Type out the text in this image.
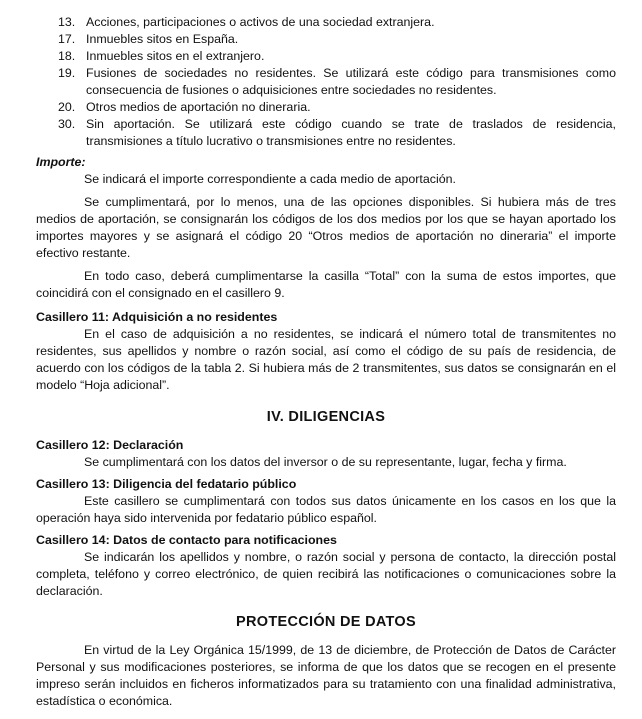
13. Acciones, participaciones o activos de una sociedad extranjera.
17. Inmuebles sitos en España.
18. Inmuebles sitos en el extranjero.
19. Fusiones de sociedades no residentes. Se utilizará este código para transmisiones como consecuencia de fusiones o adquisiciones entre sociedades no residentes.
20. Otros medios de aportación no dineraria.
30. Sin aportación. Se utilizará este código cuando se trate de traslados de residencia, transmisiones a título lucrativo o transmisiones entre no residentes.
Importe:

Se indicará el importe correspondiente a cada medio de aportación.

Se cumplimentará, por lo menos, una de las opciones disponibles. Si hubiera más de tres medios de aportación, se consignarán los códigos de los dos medios por los que se hayan aportado los importes mayores y se asignará el código 20 “Otros medios de aportación no dineraria” el importe efectivo restante.

En todo caso, deberá cumplimentarse la casilla “Total” con la suma de estos importes, que coincidirá con el consignado en el casillero 9.

Casillero 11: Adquisición a no residentes

En el caso de adquisición a no residentes, se indicará el número total de transmitentes no residentes, sus apellidos y nombre o razón social, así como el código de su país de residencia, de acuerdo con los códigos de la tabla 2. Si hubiera más de 2 transmitentes, sus datos se consignarán en el modelo “Hoja adicional”.

IV. DILIGENCIAS
Casillero 12: Declaración

Se cumplimentará con los datos del inversor o de su representante, lugar, fecha y firma.

Casillero 13: Diligencia del fedatario público

Este casillero se cumplimentará con todos sus datos únicamente en los casos en los que la operación haya sido intervenida por fedatario público español.

Casillero 14: Datos de contacto para notificaciones

Se indicarán los apellidos y nombre, o razón social y persona de contacto, la dirección postal completa, teléfono y correo electrónico, de quien recibirá las notificaciones o comunicaciones sobre la declaración.

PROTECCIÓN DE DATOS

En virtud de la Ley Orgánica 15/1999, de 13 de diciembre, de Protección de Datos de Carácter Personal y sus modificaciones posteriores, se informa de que los datos que se recogen en el presente impreso serán incluidos en ficheros informatizados para su tratamiento con una finalidad administrativa, estadística o económica.
